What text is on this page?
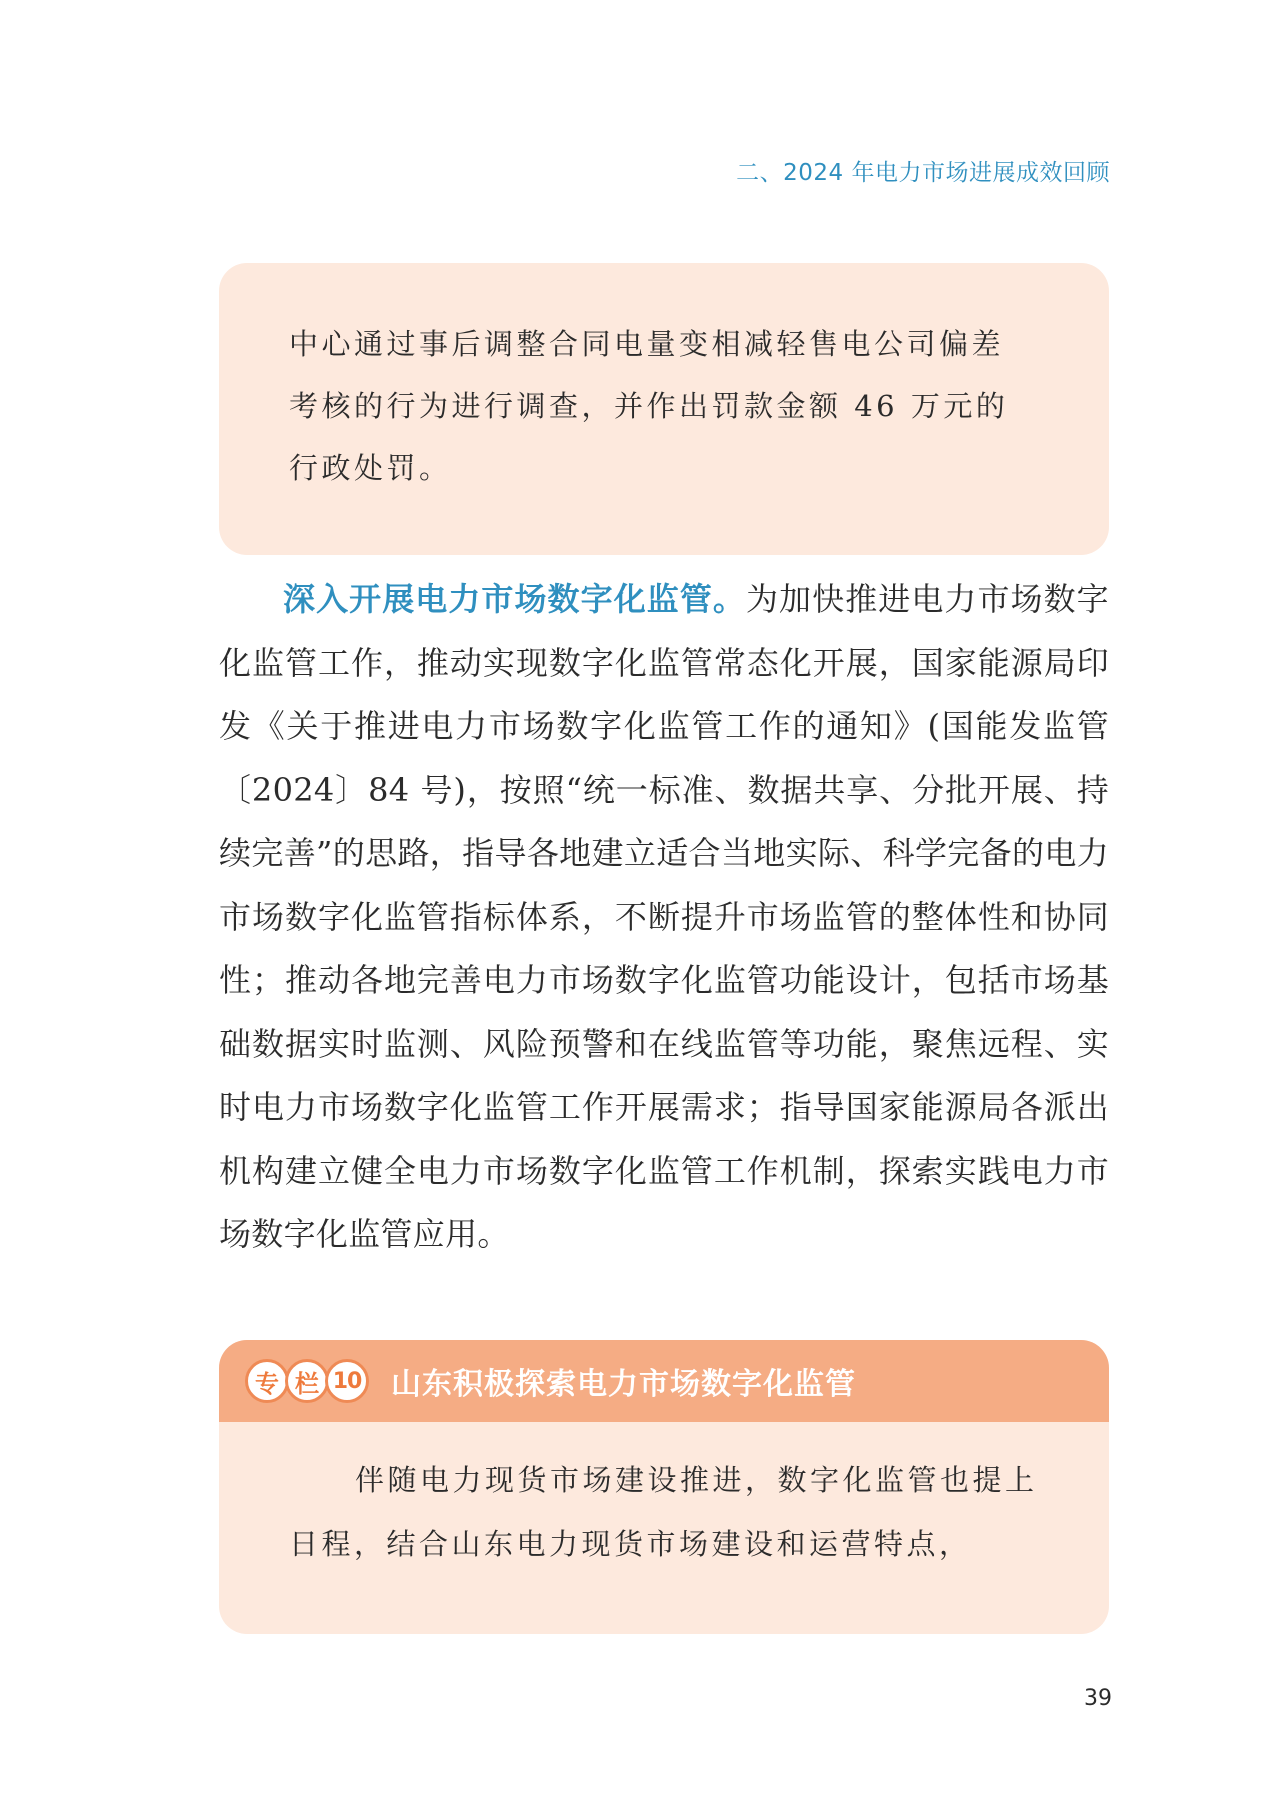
二、2024 年电力市场进展成效回顾

中心通过事后调整合同电量变相减轻售电公司偏差

考核的行为进行调查，并作出罚款金额 46 万元的

行政处罚。

深入开展电力市场数字化监管。为加快推进电力市场数字化监管工作，推动实现数字化监管常态化开展，国家能源局印发《关于推进电力市场数字化监管工作的通知》(国能发监管〔2024〕84 号)，按照“统一标准、数据共享、分批开展、持续完善”的思路，指导各地建立适合当地实际、科学完备的电力市场数字化监管指标体系，不断提升市场监管的整体性和协同性；推动各地完善电力市场数字化监管功能设计，包括市场基础数据实时监测、风险预警和在线监管等功能，聚焦远程、实时电力市场数字化监管工作开展需求；指导国家能源局各派出机构建立健全电力市场数字化监管工作机制，探索实践电力市场数字化监管应用。

专 栏 10 山东积极探索电力市场数字化监管

伴随电力现货市场建设推进，数字化监管也提上日程，结合山东电力现货市场建设和运营特点，

39
